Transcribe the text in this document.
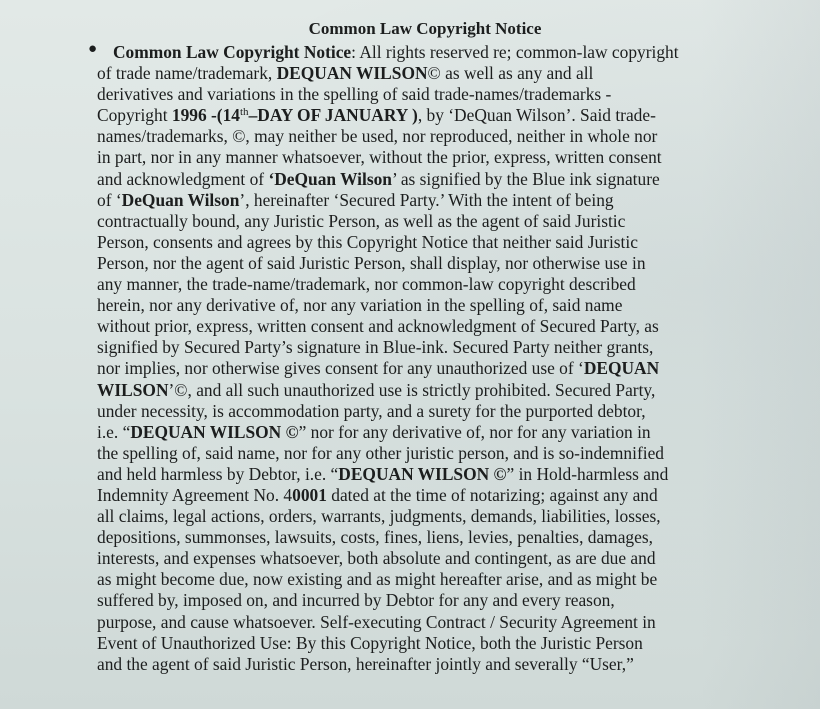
Common Law Copyright Notice
● Common Law Copyright Notice: All rights reserved re; common-law copyright
of trade name/trademark, DEQUAN WILSON© as well as any and all
derivatives and variations in the spelling of said trade-names/trademarks -
Copyright 1996 -(14th–DAY OF JANUARY ), by ‘DeQuan Wilson’. Said trade-
names/trademarks, ©, may neither be used, nor reproduced, neither in whole nor
in part, nor in any manner whatsoever, without the prior, express, written consent
and acknowledgment of ‘DeQuan Wilson’ as signified by the Blue ink signature
of ‘DeQuan Wilson’, hereinafter ‘Secured Party.’ With the intent of being
contractually bound, any Juristic Person, as well as the agent of said Juristic
Person, consents and agrees by this Copyright Notice that neither said Juristic
Person, nor the agent of said Juristic Person, shall display, nor otherwise use in
any manner, the trade-name/trademark, nor common-law copyright described
herein, nor any derivative of, nor any variation in the spelling of, said name
without prior, express, written consent and acknowledgment of Secured Party, as
signified by Secured Party’s signature in Blue-ink. Secured Party neither grants,
nor implies, nor otherwise gives consent for any unauthorized use of ‘DEQUAN
WILSON’©, and all such unauthorized use is strictly prohibited. Secured Party,
under necessity, is accommodation party, and a surety for the purported debtor,
i.e. “DEQUAN WILSON ©” nor for any derivative of, nor for any variation in
the spelling of, said name, nor for any other juristic person, and is so-indemnified
and held harmless by Debtor, i.e. “DEQUAN WILSON ©” in Hold-harmless and
Indemnity Agreement No. 40001 dated at the time of notarizing; against any and
all claims, legal actions, orders, warrants, judgments, demands, liabilities, losses,
depositions, summonses, lawsuits, costs, fines, liens, levies, penalties, damages,
interests, and expenses whatsoever, both absolute and contingent, as are due and
as might become due, now existing and as might hereafter arise, and as might be
suffered by, imposed on, and incurred by Debtor for any and every reason,
purpose, and cause whatsoever. Self-executing Contract / Security Agreement in
Event of Unauthorized Use: By this Copyright Notice, both the Juristic Person
and the agent of said Juristic Person, hereinafter jointly and severally “User,”
